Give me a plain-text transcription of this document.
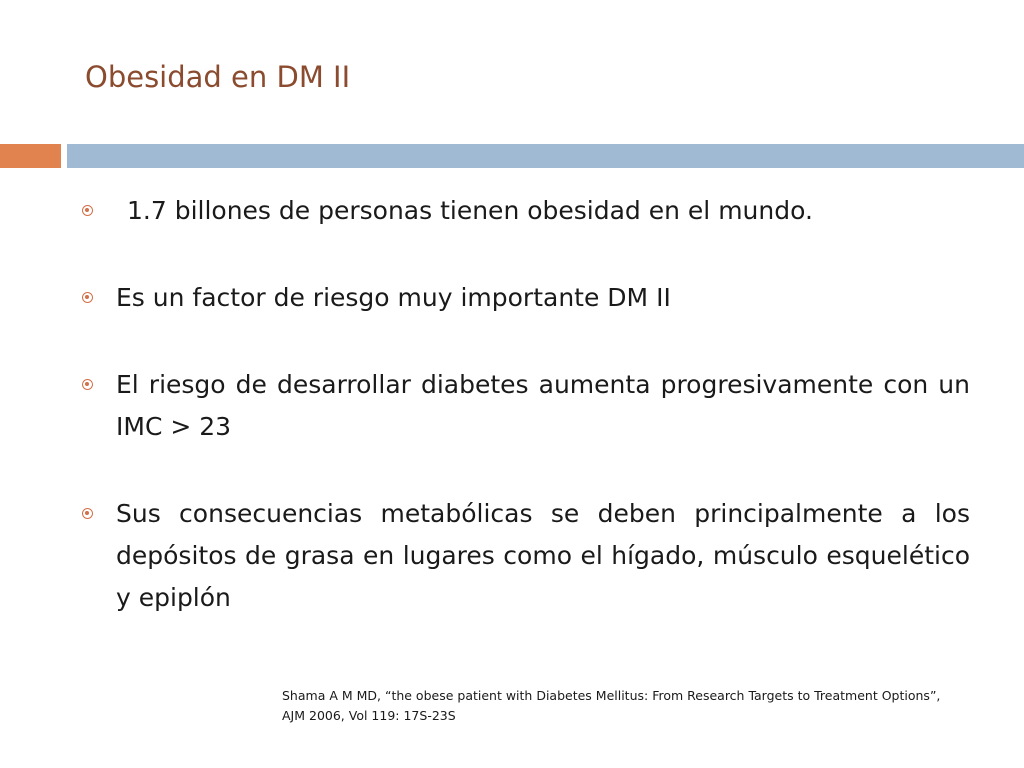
Obesidad en DM II
1.7 billones de personas tienen obesidad en el mundo.
Es un factor de riesgo muy importante DM II
El riesgo de desarrollar diabetes aumenta progresivamente con un IMC > 23
Sus consecuencias metabólicas se deben principalmente a los depósitos de grasa en lugares como el hígado, músculo esquelético y epiplón
Shama A M MD, “the obese patient with Diabetes Mellitus: From Research Targets to Treatment Options”,
AJM 2006, Vol 119: 17S-23S
